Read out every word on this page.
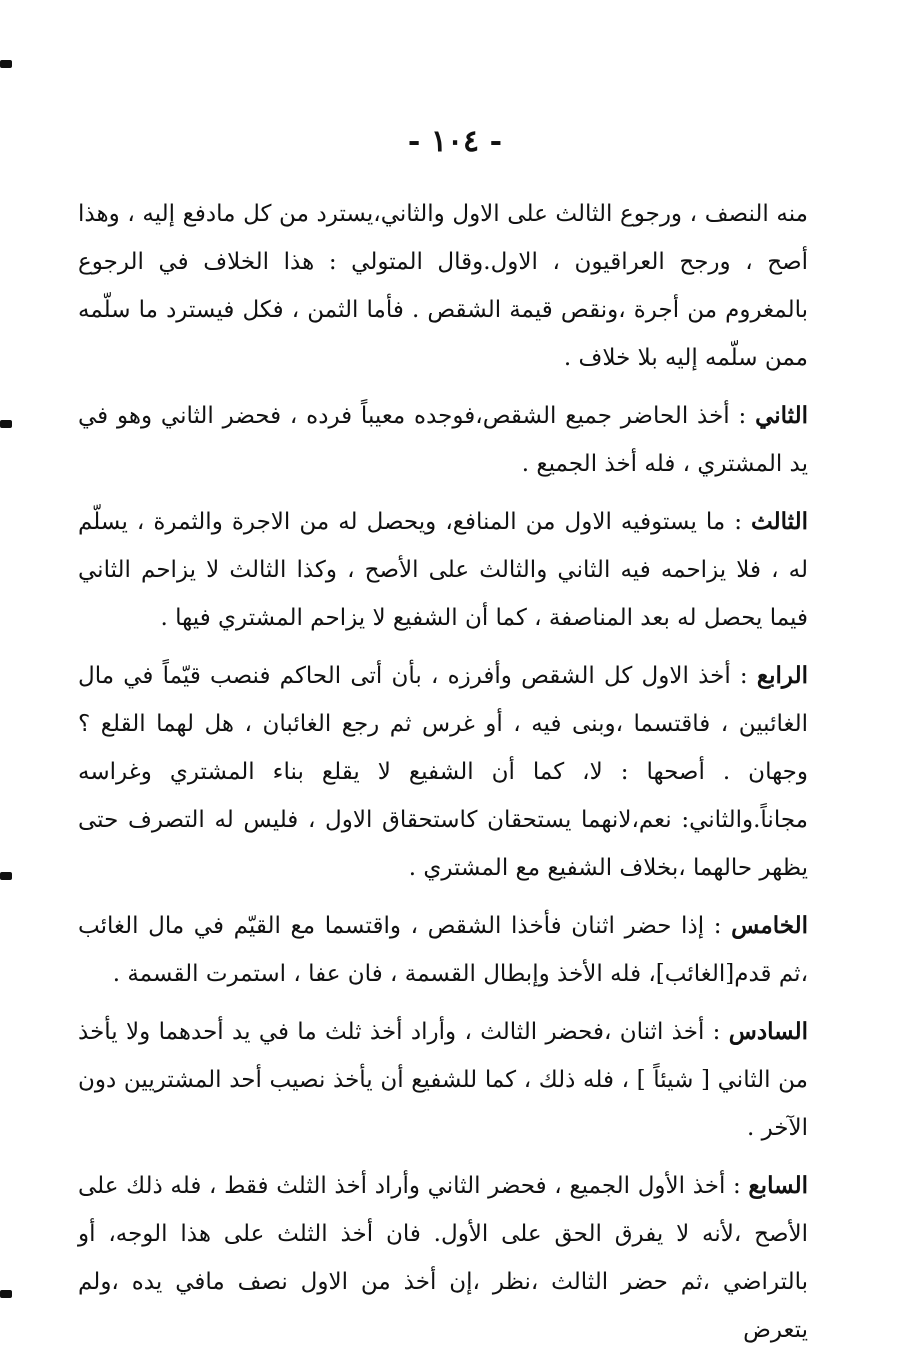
- ١٠٤ -

منه النصف ، ورجوع الثالث على الاول والثاني،يسترد من كل مادفع إليه ، وهذا أصح ، ورجح العراقيون ، الاول.وقال المتولي : هذا الخلاف في الرجوع بالمغروم من أجرة ،ونقص قيمة الشقص . فأما الثمن ، فكل فيسترد ما سلّمه ممن سلّمه إليه بلا خلاف .

الثاني : أخذ الحاضر جميع الشقص،فوجده معيباً فرده ، فحضر الثاني وهو في يد المشتري ، فله أخذ الجميع .

الثالث : ما يستوفيه الاول من المنافع، ويحصل له من الاجرة والثمرة ، يسلّم له ، فلا يزاحمه فيه الثاني والثالث على الأصح ، وكذا الثالث لا يزاحم الثاني فيما يحصل له بعد المناصفة ، كما أن الشفيع لا يزاحم المشتري فيها .

الرابع : أخذ الاول كل الشقص وأفرزه ، بأن أتى الحاكم فنصب قيّماً في مال الغائبين ، فاقتسما ،وبنى فيه ، أو غرس ثم رجع الغائبان ، هل لهما القلع ؟ وجهان . أصحها : لا، كما أن الشفيع لا يقلع بناء المشتري وغراسه مجاناً.والثاني: نعم،لانهما يستحقان كاستحقاق الاول ، فليس له التصرف حتى يظهر حالهما ،بخلاف الشفيع مع المشتري .

الخامس : إذا حضر اثنان فأخذا الشقص ، واقتسما مع القيّم في مال الغائب ،ثم قدم[الغائب]، فله الأخذ وإبطال القسمة ، فان عفا ، استمرت القسمة .

السادس : أخذ اثنان ،فحضر الثالث ، وأراد أخذ ثلث ما في يد أحدهما ولا يأخذ من الثاني [ شيئاً ] ، فله ذلك ، كما للشفيع أن يأخذ نصيب أحد المشتريين دون الآخر .

السابع : أخذ الأول الجميع ، فحضر الثاني وأراد أخذ الثلث فقط ، فله ذلك على الأصح ،لأنه لا يفرق الحق على الأول. فان أخذ الثلث على هذا الوجه، أو بالتراضي ،ثم حضر الثالث ،نظر ،إن أخذ من الاول نصف مافي يده ،ولم يتعرض
